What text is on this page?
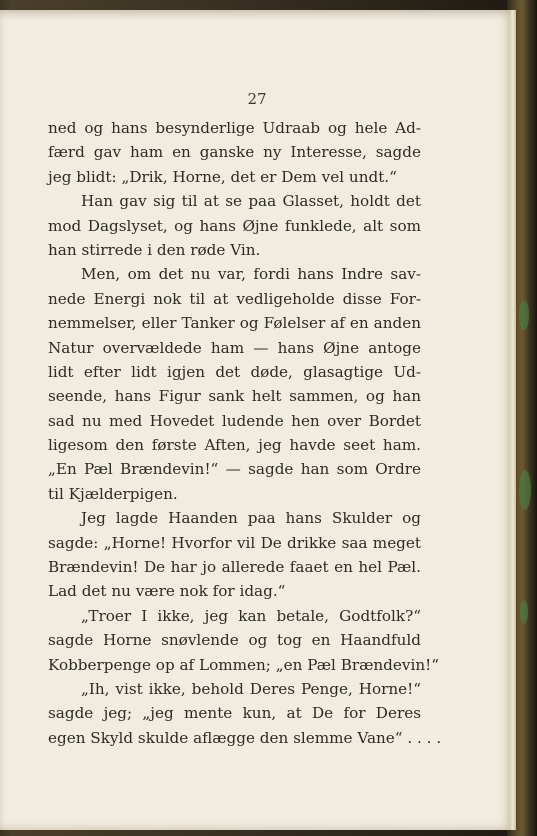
27
ned og hans besynderlige Udraab og hele Ad-
færd gav ham en ganske ny Interesse, sagde
jeg blidt: „Drik, Horne, det er Dem vel undt.“
Han gav sig til at se paa Glasset, holdt det
mod Dagslyset, og hans Øjne funklede, alt som
han stirrede i den røde Vin.
Men, om det nu var, fordi hans Indre sav-
nede Energi nok til at vedligeholde disse For-
nemmelser, eller Tanker og Følelser af en anden
Natur overvældede ham — hans Øjne antoge
lidt efter lidt igjen det døde, glasagtige Ud-
seende, hans Figur sank helt sammen, og han
sad nu med Hovedet ludende hen over Bordet
ligesom den første Aften, jeg havde seet ham.
„En Pæl Brændevin!“ — sagde han som Ordre
til Kjælderpigen.
Jeg lagde Haanden paa hans Skulder og
sagde: „Horne! Hvorfor vil De drikke saa meget
Brændevin! De har jo allerede faaet en hel Pæl.
Lad det nu være nok for idag.“
„Troer I ikke, jeg kan betale, Godtfolk?“
sagde Horne snøvlende og tog en Haandfuld
Kobberpenge op af Lommen; „en Pæl Brændevin!“
„Ih, vist ikke, behold Deres Penge, Horne!“
sagde jeg; „jeg mente kun, at De for Deres
egen Skyld skulde aflægge den slemme Vane“ . . . .
